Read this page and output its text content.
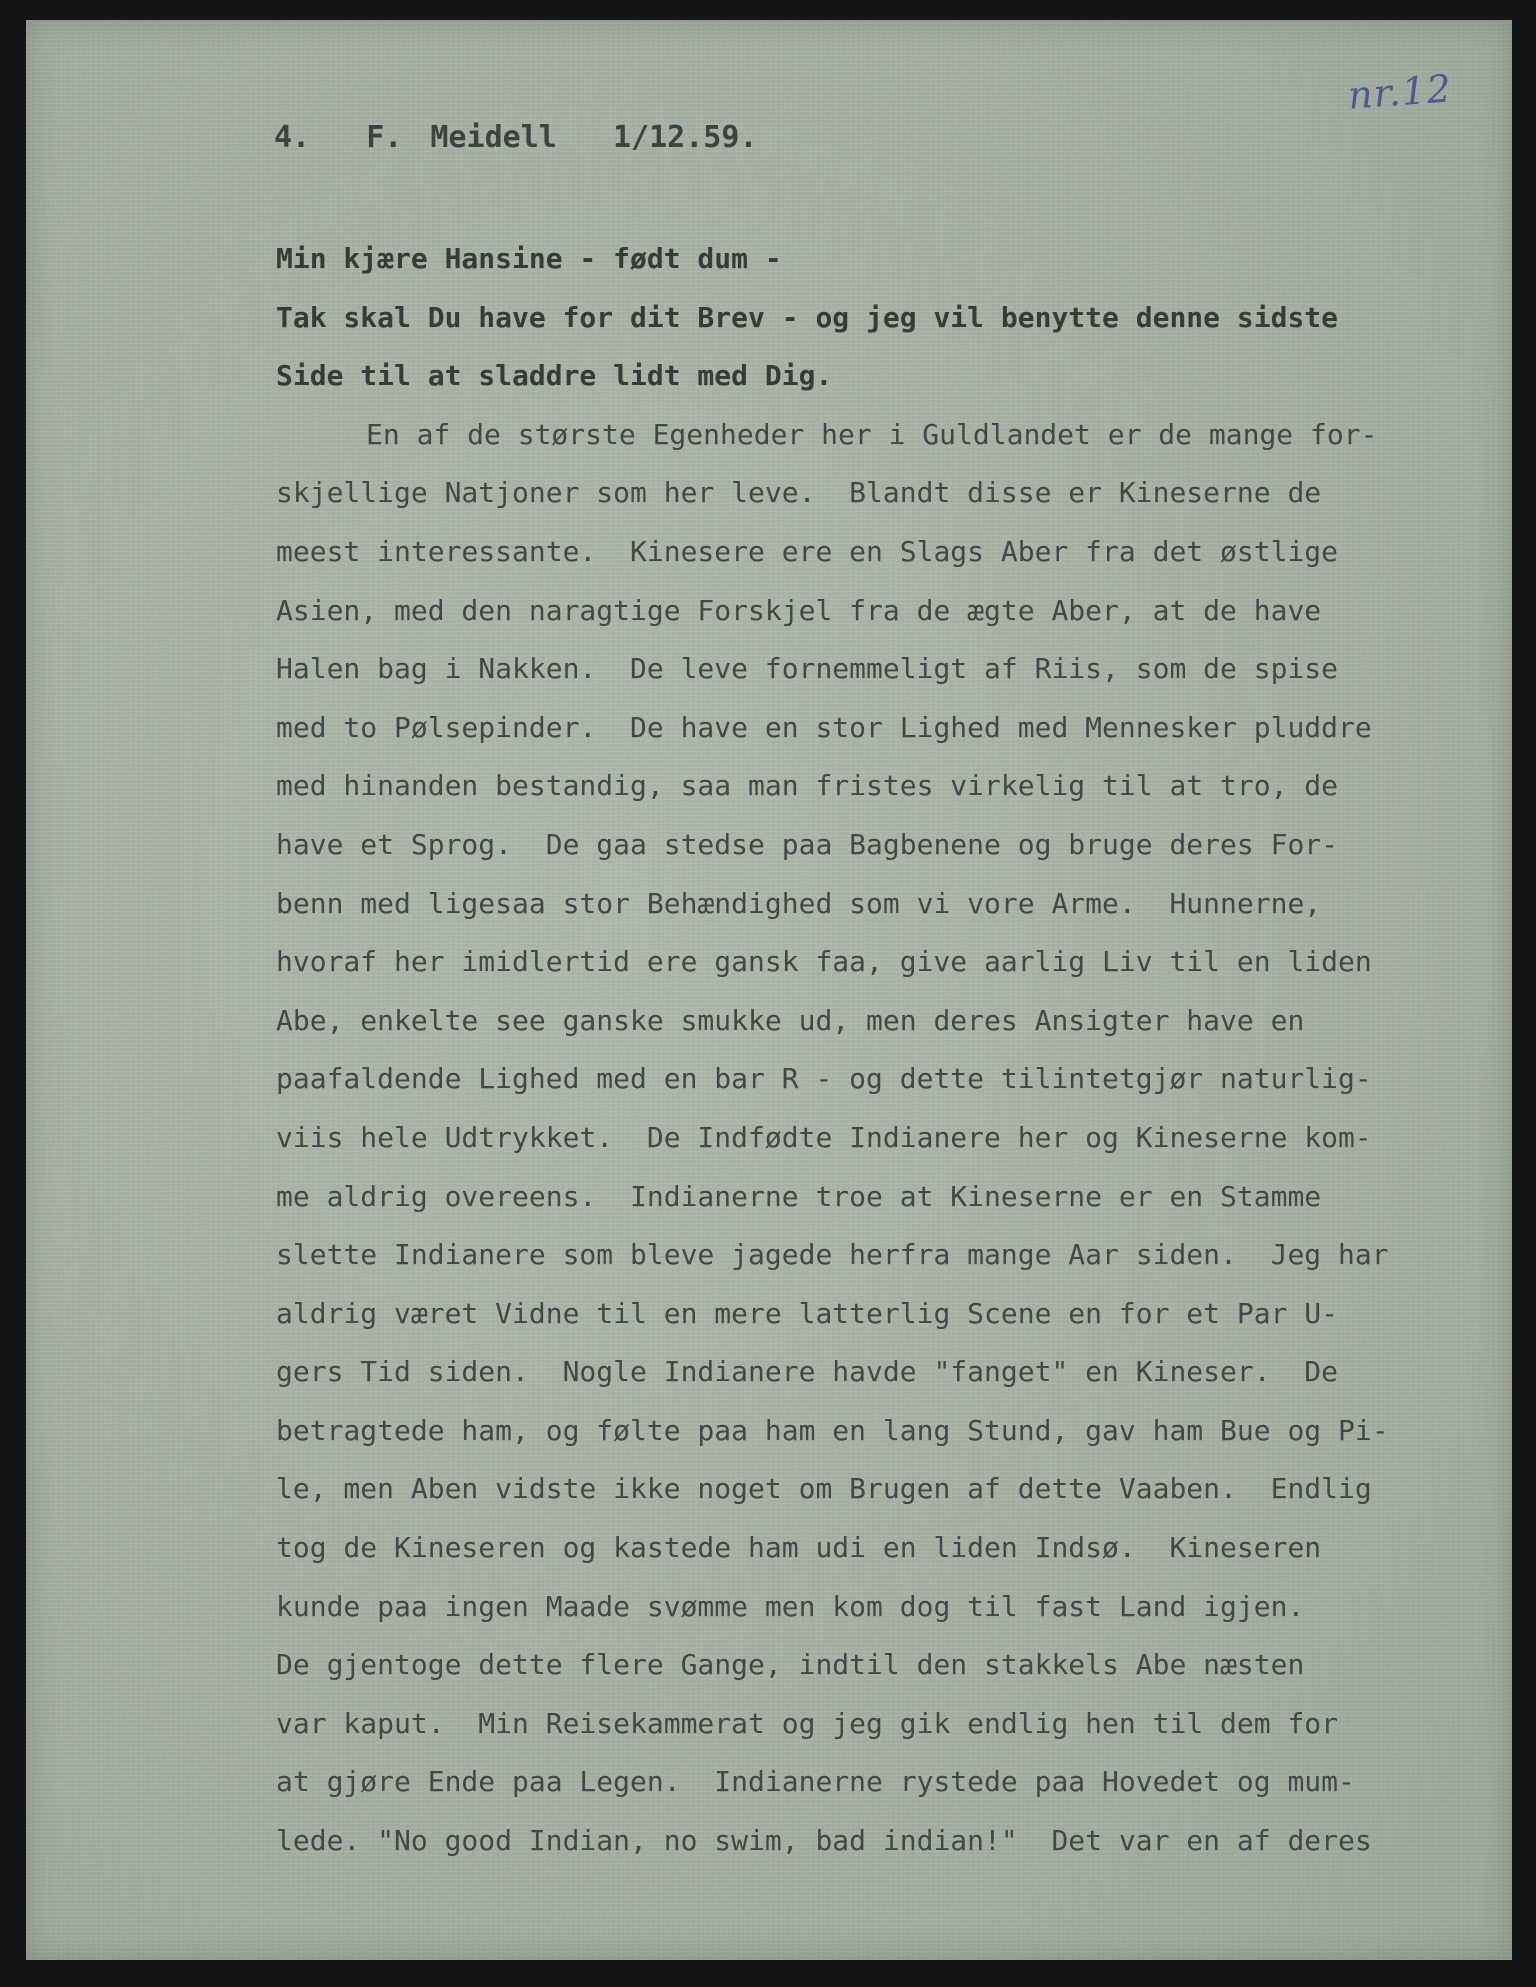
nr.12
4.  F. Meidell  1/12.59.
Min kjære Hansine - født dum -
Tak skal Du have for dit Brev - og jeg vil benytte denne sidste
Side til at sladdre lidt med Dig.
En af de største Egenheder her i Guldlandet er de mange for-
skjellige Natjoner som her leve.  Blandt disse er Kineserne de
meest interessante.  Kinesere ere en Slags Aber fra det østlige
Asien, med den naragtige Forskjel fra de ægte Aber, at de have
Halen bag i Nakken.  De leve fornemmeligt af Riis, som de spise
med to Pølsepinder.  De have en stor Lighed med Mennesker pluddre
med hinanden bestandig, saa man fristes virkelig til at tro, de
have et Sprog.  De gaa stedse paa Bagbenene og bruge deres For-
benn med ligesaa stor Behændighed som vi vore Arme.  Hunnerne,
hvoraf her imidlertid ere gansk faa, give aarlig Liv til en liden
Abe, enkelte see ganske smukke ud, men deres Ansigter have en
paafaldende Lighed med en bar R - og dette tilintetgjør naturlig-
viis hele Udtrykket.  De Indfødte Indianere her og Kineserne kom-
me aldrig overeens.  Indianerne troe at Kineserne er en Stamme
slette Indianere som bleve jagede herfra mange Aar siden.  Jeg har
aldrig været Vidne til en mere latterlig Scene en for et Par U-
gers Tid siden.  Nogle Indianere havde "fanget" en Kineser.  De
betragtede ham, og følte paa ham en lang Stund, gav ham Bue og Pi-
le, men Aben vidste ikke noget om Brugen af dette Vaaben.  Endlig
tog de Kineseren og kastede ham udi en liden Indsø.  Kineseren
kunde paa ingen Maade svømme men kom dog til fast Land igjen.
De gjentoge dette flere Gange, indtil den stakkels Abe næsten
var kaput.  Min Reisekammerat og jeg gik endlig hen til dem for
at gjøre Ende paa Legen.  Indianerne rystede paa Hovedet og mum-
lede. "No good Indian, no swim, bad indian!"  Det var en af deres
